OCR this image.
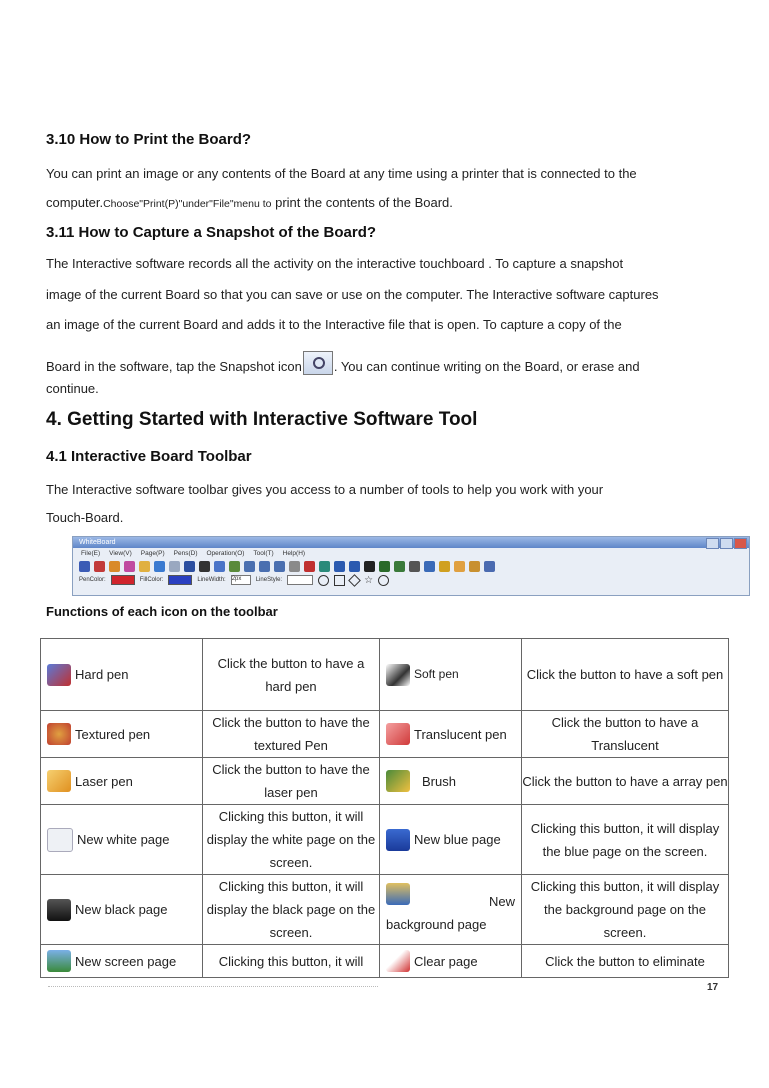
3.10 How to Print the Board?
You can print an image or any contents of the Board at any time using a printer that is connected to the
computer.Choose"Print(P)"under"File"menu to print the contents of the Board.
3.11 How to Capture a Snapshot of the Board?
The Interactive software records all the activity on the interactive touchboard . To capture a snapshot
image of the current Board so that you can save or use on the computer. The Interactive software captures
an image of the current Board and adds it to the Interactive file that is open. To capture a copy of the
Board in the software, tap the Snapshot icon . You can continue writing on the Board, or erase and
continue.
4. Getting Started with Interactive Software Tool
4.1 Interactive Board Toolbar
The Interactive software toolbar gives you access to a number of tools to help you work with your
Touch-Board.
WhiteBoard
File(E) View(V) Page(P) Pens(D) Operation(O) Tool(T) Help(H)
PenColor:	FillColor:	LineWidth: 2px	LineStyle:	☆
Functions of each icon on the toolbar
Hard pen	Click the button to have a hard pen	Soft pen	Click the button to have a soft pen

Textured pen	Click the button to have the textured Pen	Translucent pen	Click the button to have a Translucent

Laser pen	Click the button to have the laser pen	Brush	Click the button to have a array pen

New white page	Clicking this button, it will display the white page on the screen.	New blue page	Clicking this button, it will display the blue page on the screen.

New black page	Clicking this button, it will display the black page on the screen.	New
background page	Clicking this button, it will display the background page on the screen.

New screen page	Clicking this button, it will	Clear page	Click the button to eliminate
17
